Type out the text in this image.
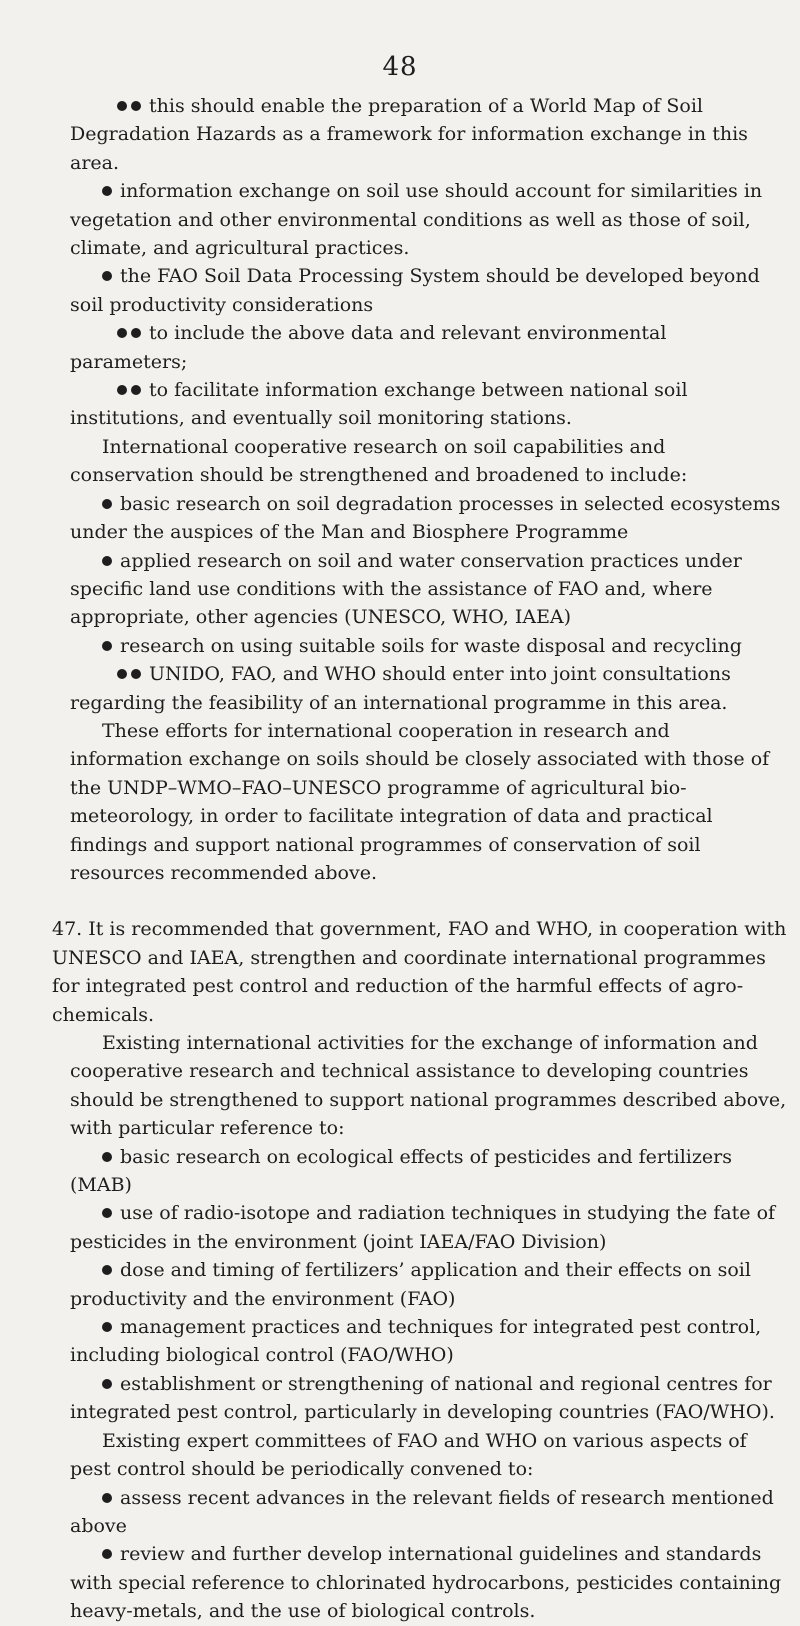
48

this should enable the preparation of a World Map of Soil Degradation Hazards as a framework for information exchange in this area.

information exchange on soil use should account for similarities in vegetation and other environmental conditions as well as those of soil, climate, and agricultural practices.

the FAO Soil Data Processing System should be developed beyond soil productivity considerations

to include the above data and relevant environmental parameters;

to facilitate information exchange between national soil institutions, and eventually soil monitoring stations.

International cooperative research on soil capabilities and conservation should be strengthened and broadened to include:

basic research on soil degradation processes in selected ecosystems under the auspices of the Man and Biosphere Programme

applied research on soil and water conservation practices under specific land use conditions with the assistance of FAO and, where appropriate, other agencies (UNESCO, WHO, IAEA)

research on using suitable soils for waste disposal and recycling

UNIDO, FAO, and WHO should enter into joint consultations regarding the feasibility of an international programme in this area.

These efforts for international cooperation in research and information exchange on soils should be closely associated with those of the UNDP–WMO–FAO–UNESCO programme of agricultural bio-meteorology, in order to facilitate integration of data and practical findings and support national programmes of conservation of soil resources recommended above.

47. It is recommended that government, FAO and WHO, in cooperation with UNESCO and IAEA, strengthen and coordinate international programmes for integrated pest control and reduction of the harmful effects of agro-chemicals.

Existing international activities for the exchange of information and cooperative research and technical assistance to developing countries should be strengthened to support national programmes described above, with particular reference to:

basic research on ecological effects of pesticides and fertilizers (MAB)

use of radio-isotope and radiation techniques in studying the fate of pesticides in the environment (joint IAEA/FAO Division)

dose and timing of fertilizers’ application and their effects on soil productivity and the environment (FAO)

management practices and techniques for integrated pest control, including biological control (FAO/WHO)

establishment or strengthening of national and regional centres for integrated pest control, particularly in developing countries (FAO/WHO).

Existing expert committees of FAO and WHO on various aspects of pest control should be periodically convened to:

assess recent advances in the relevant fields of research mentioned above

review and further develop international guidelines and standards with special reference to chlorinated hydrocarbons, pesticides containing heavy-metals, and the use of biological controls.
